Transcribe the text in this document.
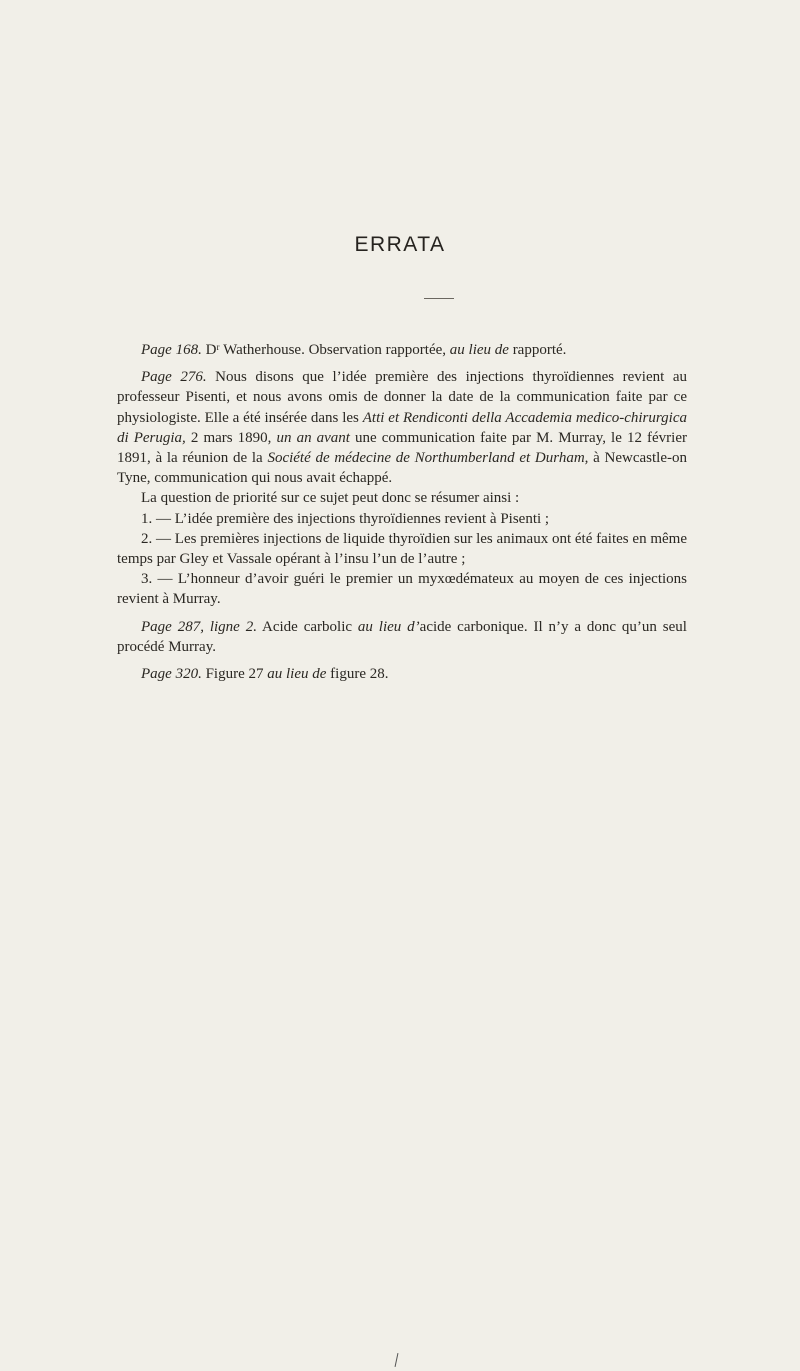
ERRATA

Page 168. Dʳ Watherhouse. Observation rapportée, au lieu de rapporté.

Page 276. Nous disons que l’idée première des injections thyroïdiennes revient au professeur Pisenti, et nous avons omis de donner la date de la communication faite par ce physiologiste. Elle a été insérée dans les Atti et Rendiconti della Accademia medico-chirurgica di Perugia, 2 mars 1890, un an avant une communication faite par M. Murray, le 12 février 1891, à la réunion de la Société de médecine de Northumberland et Durham, à Newcastle-on Tyne, communication qui nous avait échappé.

La question de priorité sur ce sujet peut donc se résumer ainsi :

1. — L’idée première des injections thyroïdiennes revient à Pisenti ;

2. — Les premières injections de liquide thyroïdien sur les animaux ont été faites en même temps par Gley et Vassale opérant à l’insu l’un de l’autre ;

3. — L’honneur d’avoir guéri le premier un myxœdémateux au moyen de ces injections revient à Murray.

Page 287, ligne 2. Acide carbolic au lieu d’acide carbonique. Il n’y a donc qu’un seul procédé Murray.

Page 320. Figure 27 au lieu de figure 28.
